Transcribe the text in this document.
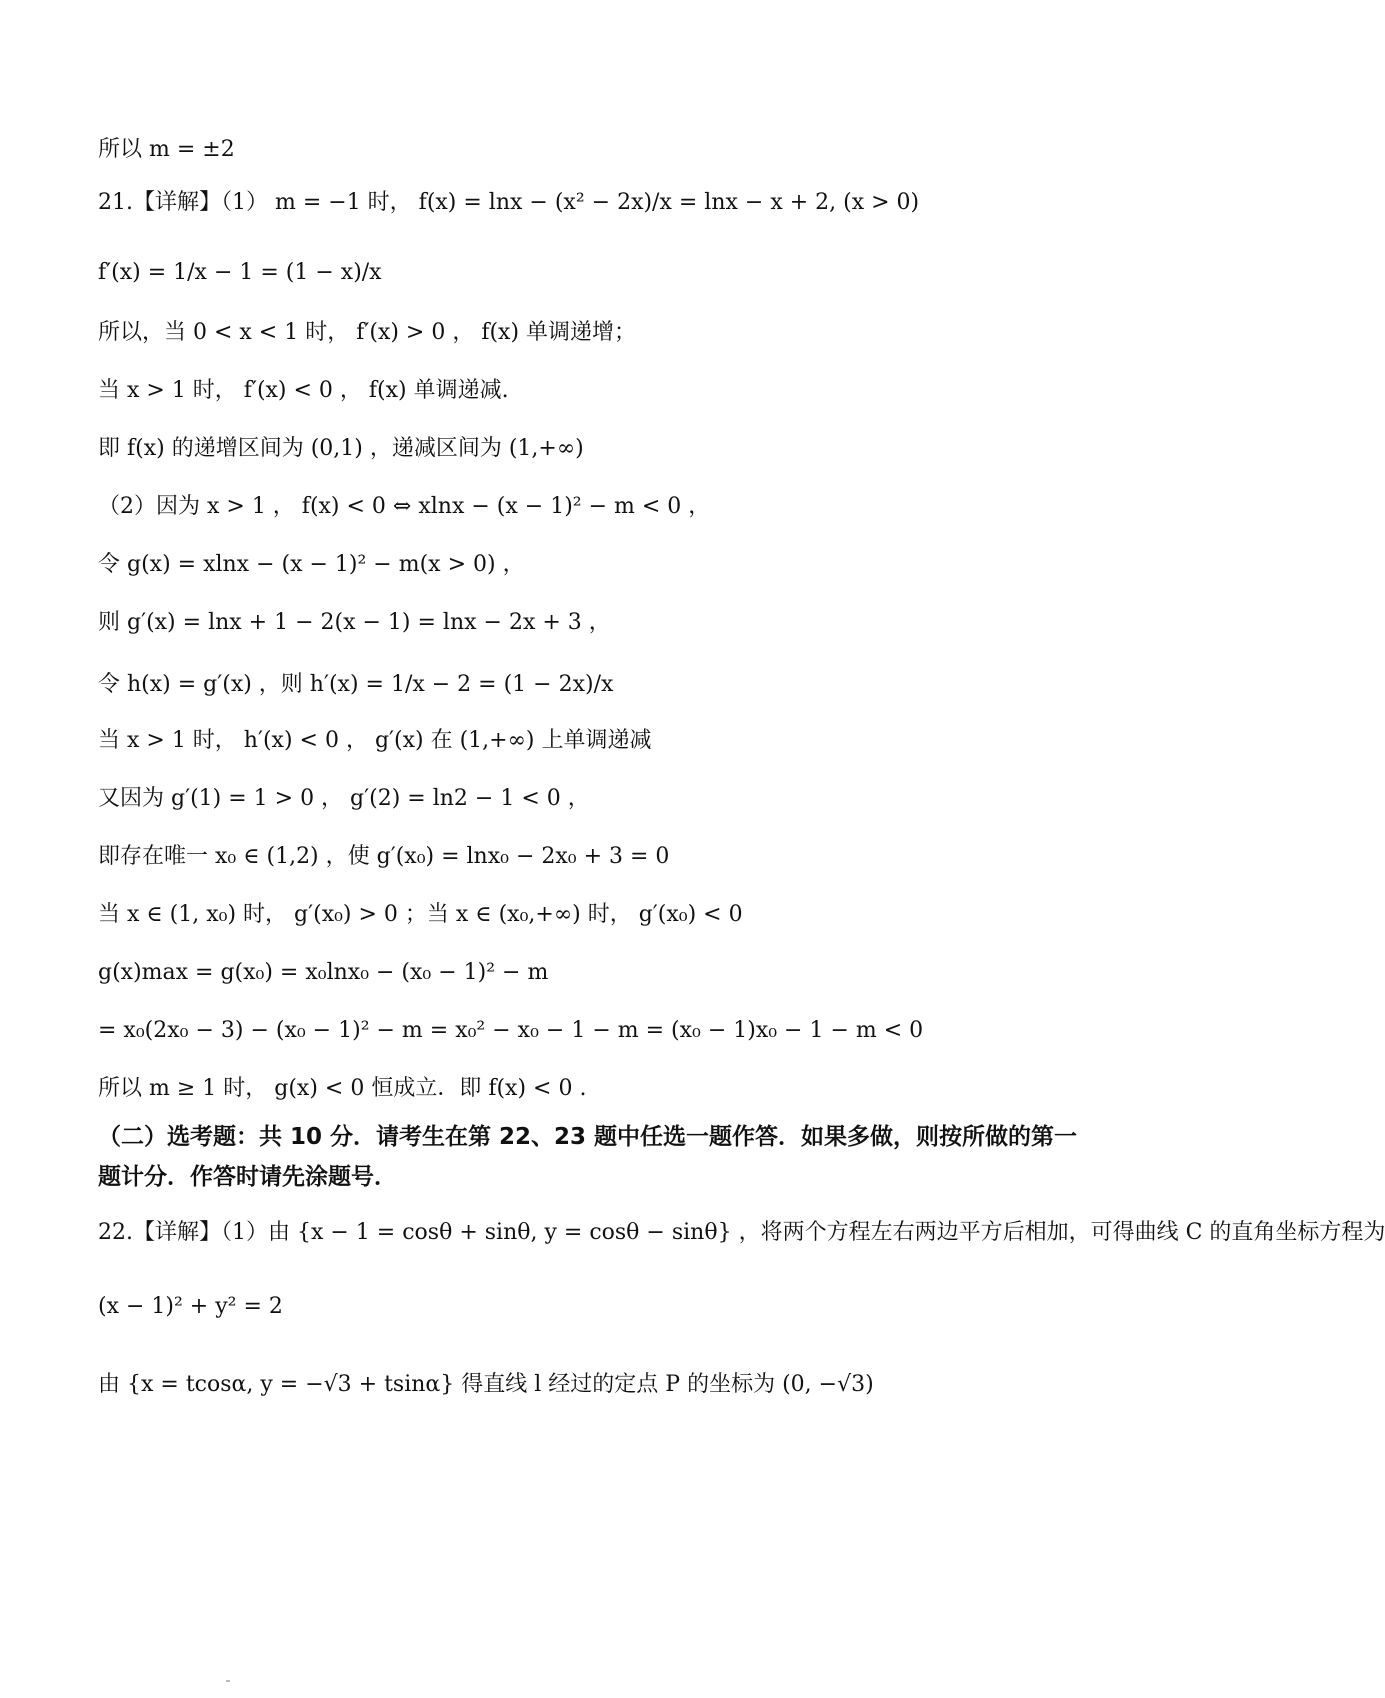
所以 m = ±2
21.【详解】（1） m = −1 时， f(x) = lnx − (x² − 2x)/x = lnx − x + 2, (x > 0)
f′(x) = 1/x − 1 = (1 − x)/x
所以，当 0 < x < 1 时， f′(x) > 0 ， f(x) 单调递增；
当 x > 1 时， f′(x) < 0 ， f(x) 单调递减.
即 f(x) 的递增区间为 (0,1) ，递减区间为 (1,+∞)
（2）因为 x > 1 ， f(x) < 0 ⇔ xlnx − (x − 1)² − m < 0 ，
令 g(x) = xlnx − (x − 1)² − m(x > 0) ，
则 g′(x) = lnx + 1 − 2(x − 1) = lnx − 2x + 3 ，
令 h(x) = g′(x) ，则 h′(x) = 1/x − 2 = (1 − 2x)/x
当 x > 1 时， h′(x) < 0 ， g′(x) 在 (1,+∞) 上单调递减
又因为 g′(1) = 1 > 0 ， g′(2) = ln2 − 1 < 0 ，
即存在唯一 x₀ ∈ (1,2) ，使 g′(x₀) = lnx₀ − 2x₀ + 3 = 0
当 x ∈ (1, x₀) 时， g′(x₀) > 0 ；当 x ∈ (x₀,+∞) 时， g′(x₀) < 0
g(x)max = g(x₀) = x₀lnx₀ − (x₀ − 1)² − m
= x₀(2x₀ − 3) − (x₀ − 1)² − m = x₀² − x₀ − 1 − m = (x₀ − 1)x₀ − 1 − m < 0
所以 m ≥ 1 时， g(x) < 0 恒成立．即 f(x) < 0 .
（二）选考题：共 10 分．请考生在第 22、23 题中任选一题作答．如果多做，则按所做的第一
题计分．作答时请先涂题号．
22.【详解】（1）由 {x − 1 = cosθ + sinθ, y = cosθ − sinθ} ，将两个方程左右两边平方后相加，可得曲线 C 的直角坐标方程为
(x − 1)² + y² = 2
由 {x = tcosα, y = −√3 + tsinα} 得直线 l 经过的定点 P 的坐标为 (0, −√3)
